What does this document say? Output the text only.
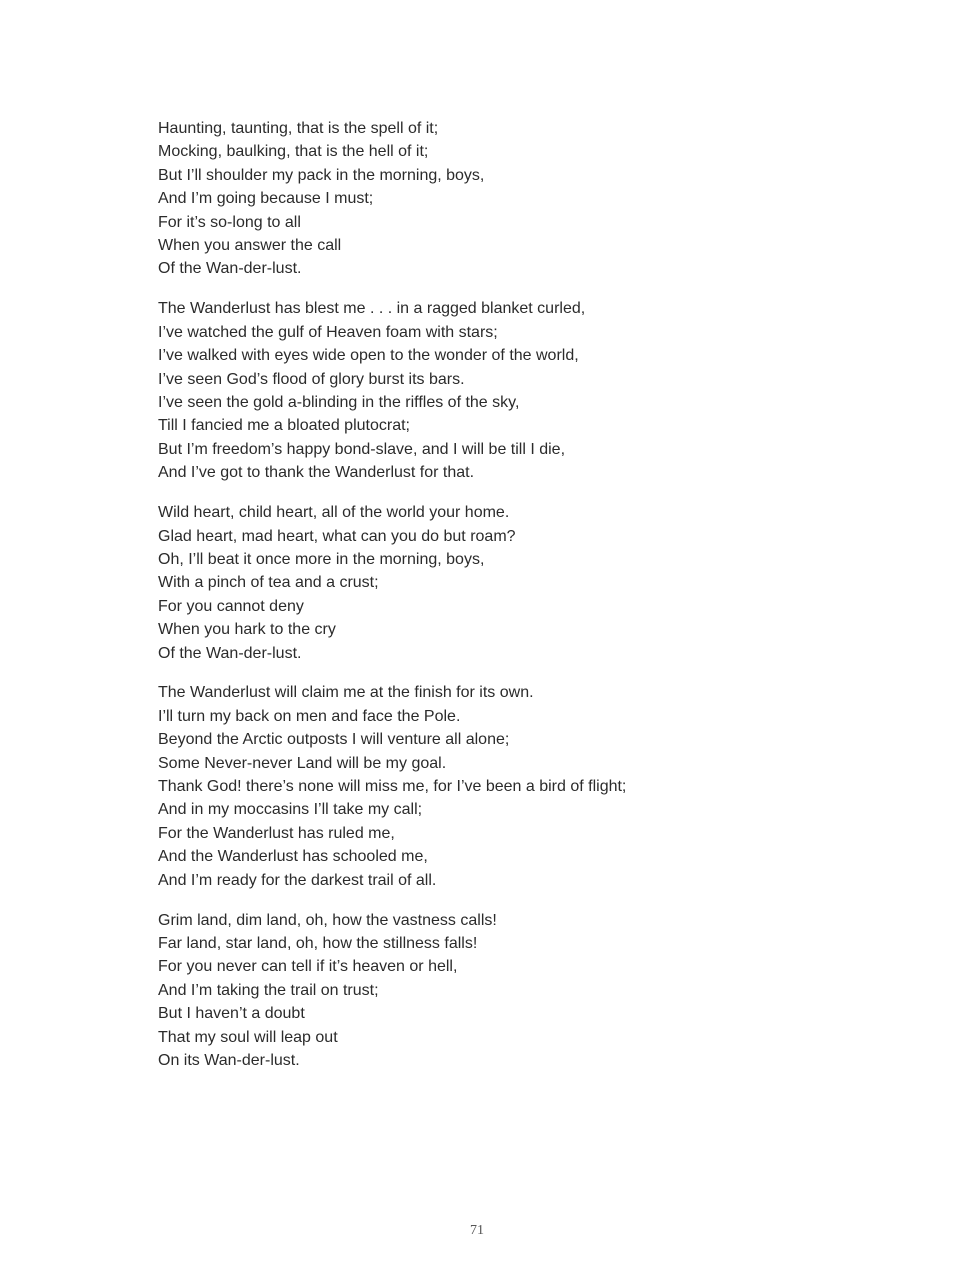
Haunting, taunting, that is the spell of it;
Mocking, baulking, that is the hell of it;
But I’ll shoulder my pack in the morning, boys,
And I’m going because I must;
For it’s so-long to all
When you answer the call
Of the Wan-der-lust.
The Wanderlust has blest me . . . in a ragged blanket curled,
I’ve watched the gulf of Heaven foam with stars;
I’ve walked with eyes wide open to the wonder of the world,
I’ve seen God’s flood of glory burst its bars.
I’ve seen the gold a-blinding in the riffles of the sky,
Till I fancied me a bloated plutocrat;
But I’m freedom’s happy bond-slave, and I will be till I die,
And I’ve got to thank the Wanderlust for that.
Wild heart, child heart, all of the world your home.
Glad heart, mad heart, what can you do but roam?
Oh, I’ll beat it once more in the morning, boys,
With a pinch of tea and a crust;
For you cannot deny
When you hark to the cry
Of the Wan-der-lust.
The Wanderlust will claim me at the finish for its own.
I’ll turn my back on men and face the Pole.
Beyond the Arctic outposts I will venture all alone;
Some Never-never Land will be my goal.
Thank God! there’s none will miss me, for I’ve been a bird of flight;
And in my moccasins I’ll take my call;
For the Wanderlust has ruled me,
And the Wanderlust has schooled me,
And I’m ready for the darkest trail of all.
Grim land, dim land, oh, how the vastness calls!
Far land, star land, oh, how the stillness falls!
For you never can tell if it’s heaven or hell,
And I’m taking the trail on trust;
But I haven’t a doubt
That my soul will leap out
On its Wan-der-lust.
71
